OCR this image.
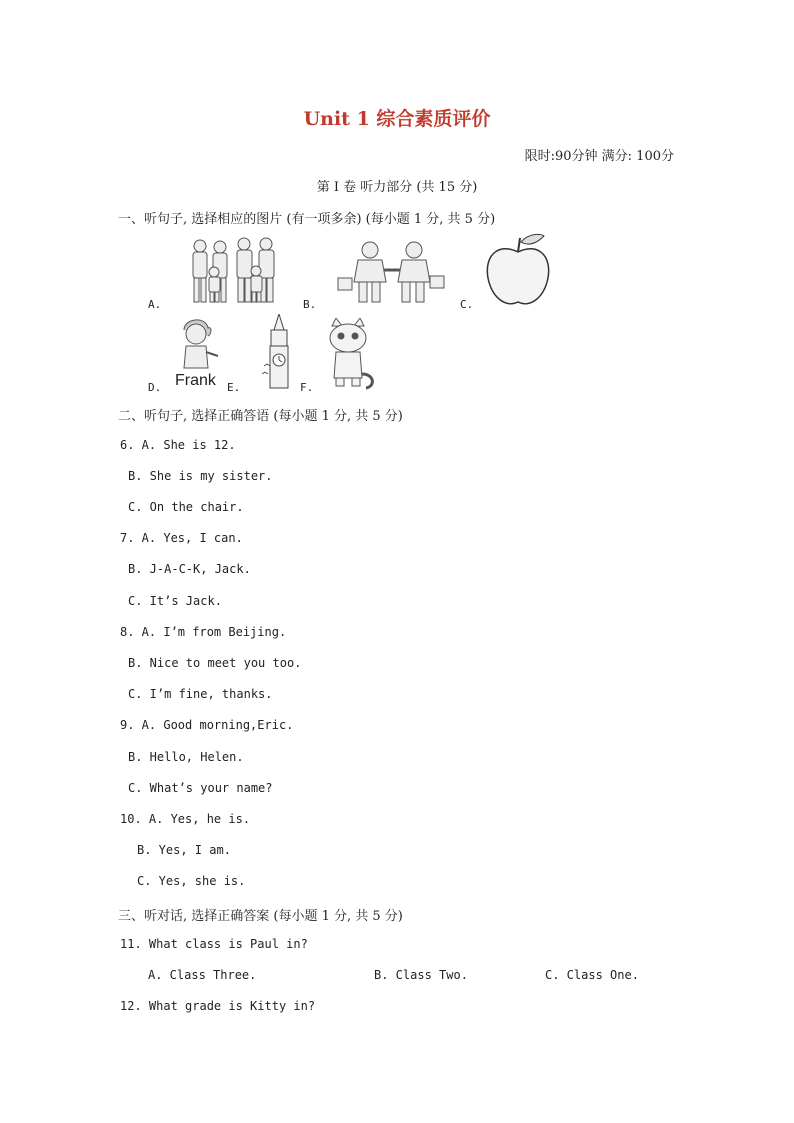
Unit 1 综合素质评价
限时:90分钟 满分: 100分
第 I 卷 听力部分 (共 15 分)
一、听句子, 选择相应的图片 (有一项多余) (每小题 1 分, 共 5 分)
A.	B.	C.
Frank
D.	E.	F.
二、听句子, 选择正确答语 (每小题 1 分, 共 5 分)
6. A. She is 12.
B. She is my sister.
C. On the chair.
7. A. Yes, I can.
B. J-A-C-K, Jack.
C. It’s Jack.
8. A. I’m from Beijing.
B. Nice to meet you too.
C. I’m fine, thanks.
9. A. Good morning,Eric.
B. Hello, Helen.
C. What’s your name?
10. A. Yes, he is.
B. Yes, I am.
C. Yes, she is.
三、听对话, 选择正确答案 (每小题 1 分, 共 5 分)
11. What class is Paul in?
A. Class Three.	B. Class Two.	C. Class One.
12. What grade is Kitty in?
